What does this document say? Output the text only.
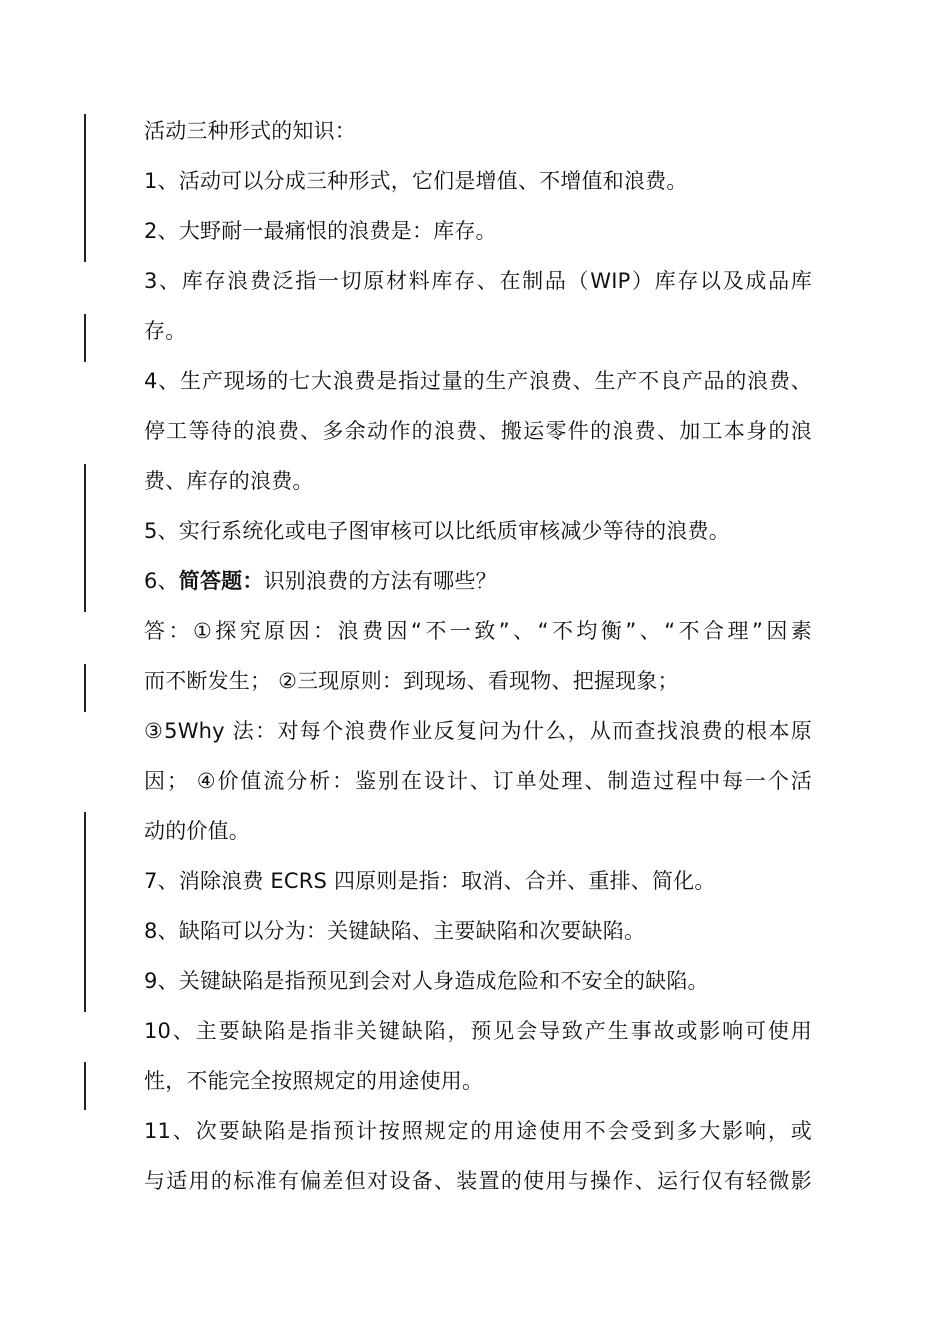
活动三种形式的知识：
1、活动可以分成三种形式，它们是增值、不增值和浪费。
2、大野耐一最痛恨的浪费是：库存。
3、库存浪费泛指一切原材料库存、在制品（WIP）库存以及成品库
存。
4、生产现场的七大浪费是指过量的生产浪费、生产不良产品的浪费、
停工等待的浪费、多余动作的浪费、搬运零件的浪费、加工本身的浪
费、库存的浪费。
5、实行系统化或电子图审核可以比纸质审核减少等待的浪费。
6、简答题：识别浪费的方法有哪些？
答：①探究原因：浪费因“不一致”、“不均衡”、“不合理”因素
而不断发生； ②三现原则：到现场、看现物、把握现象；
③5Why 法：对每个浪费作业反复问为什么，从而查找浪费的根本原
因； ④价值流分析：鉴别在设计、订单处理、制造过程中每一个活
动的价值。
7、消除浪费 ECRS 四原则是指：取消、合并、重排、简化。
8、缺陷可以分为：关键缺陷、主要缺陷和次要缺陷。
9、关键缺陷是指预见到会对人身造成危险和不安全的缺陷。
10、主要缺陷是指非关键缺陷，预见会导致产生事故或影响可使用
性，不能完全按照规定的用途使用。
11、次要缺陷是指预计按照规定的用途使用不会受到多大影响，或
与适用的标准有偏差但对设备、装置的使用与操作、运行仅有轻微影
